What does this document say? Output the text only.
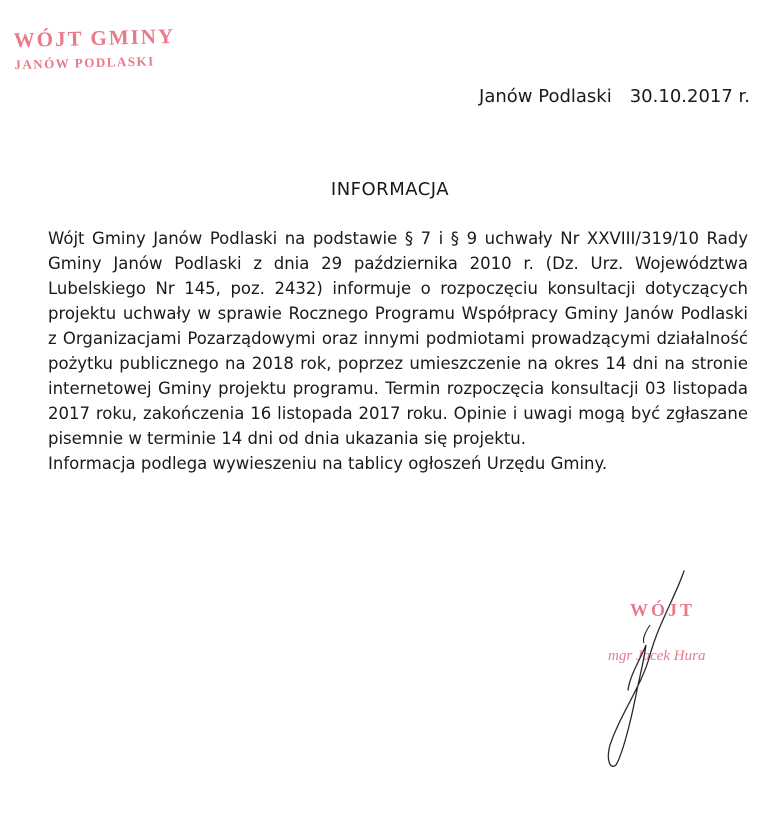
WÓJT GMINY
JANÓW PODLASKI
Janów Podlaski 30.10.2017 r.
INFORMACJA

Wójt Gminy Janów Podlaski na podstawie § 7 i § 9 uchwały Nr XXVIII/319/10 Rady Gminy Janów Podlaski z dnia 29 października 2010 r. (Dz. Urz. Województwa Lubelskiego Nr 145, poz. 2432) informuje o rozpoczęciu konsultacji dotyczących projektu uchwały w sprawie Rocznego Programu Współpracy Gminy Janów Podlaski z Organizacjami Pozarządowymi oraz innymi podmiotami prowadzącymi działalność pożytku publicznego na 2018 rok, poprzez umieszczenie na okres 14 dni na stronie internetowej Gminy projektu programu. Termin rozpoczęcia konsultacji 03 listopada 2017 roku, zakończenia 16 listopada 2017 roku. Opinie i uwagi mogą być zgłaszane pisemnie w terminie 14 dni od dnia ukazania się projektu.

Informacja podlega wywieszeniu na tablicy ogłoszeń Urzędu Gminy.

WÓJT
mgr Jacek Hura
